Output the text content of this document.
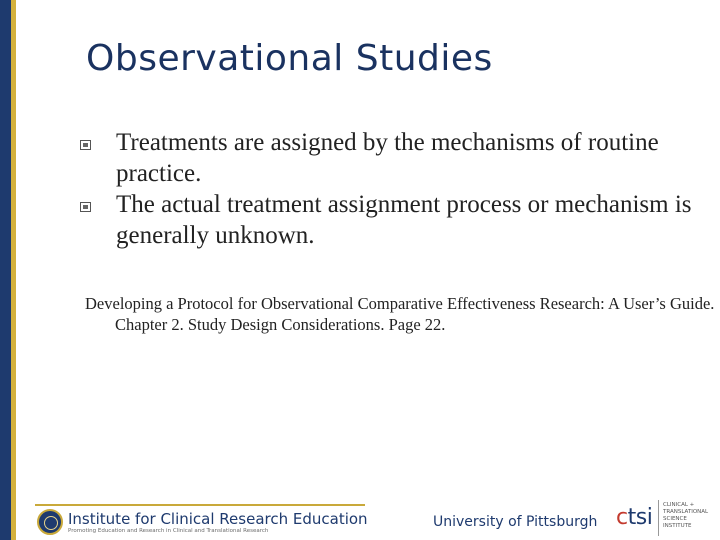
Observational Studies
Treatments are assigned by the mechanisms of routine practice.
The actual treatment assignment process or mechanism is generally unknown.
Developing a Protocol for Observational Comparative Effectiveness Research: A User’s Guide. Chapter 2. Study Design Considerations. Page 22.
Institute for Clinical Research Education
Promoting Education and Research in Clinical and Translational Research
University of Pittsburgh ctsi CLINICAL +
TRANSLATIONAL
SCIENCE
INSTITUTE
